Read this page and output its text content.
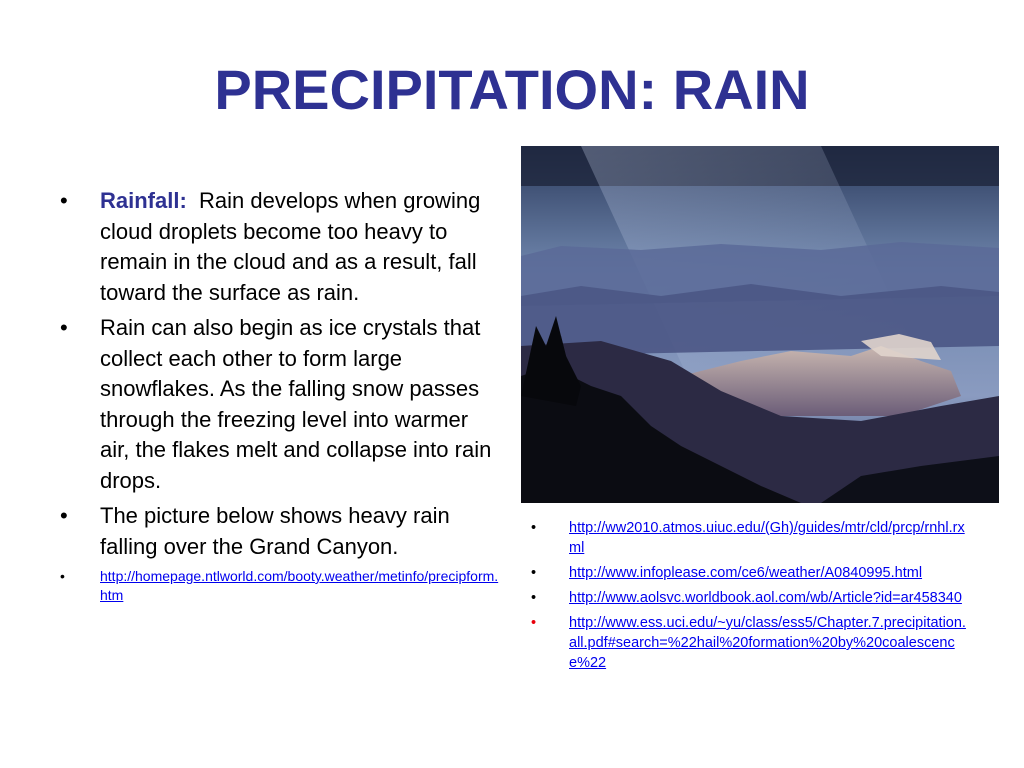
PRECIPITATION: RAIN
• Rainfall:  Rain develops when growing cloud droplets become too heavy to remain in the cloud and as a result, fall toward the surface as rain.
• Rain can also begin as ice crystals that collect each other to form large snowflakes. As the falling snow passes through the freezing level into warmer air, the flakes melt and collapse into rain drops.
• The picture below shows heavy rain falling over the Grand Canyon.
•	http://homepage.ntlworld.com/booty.weather/metinfo/precipform.htm
• http://ww2010.atmos.uiuc.edu/(Gh)/guides/mtr/cld/prcp/rnhl.rxml
• http://www.infoplease.com/ce6/weather/A0840995.html
• http://www.aolsvc.worldbook.aol.com/wb/Article?id=ar458340
• http://www.ess.uci.edu/~yu/class/ess5/Chapter.7.precipitation.all.pdf#search=%22hail%20formation%20by%20coalescence%22
